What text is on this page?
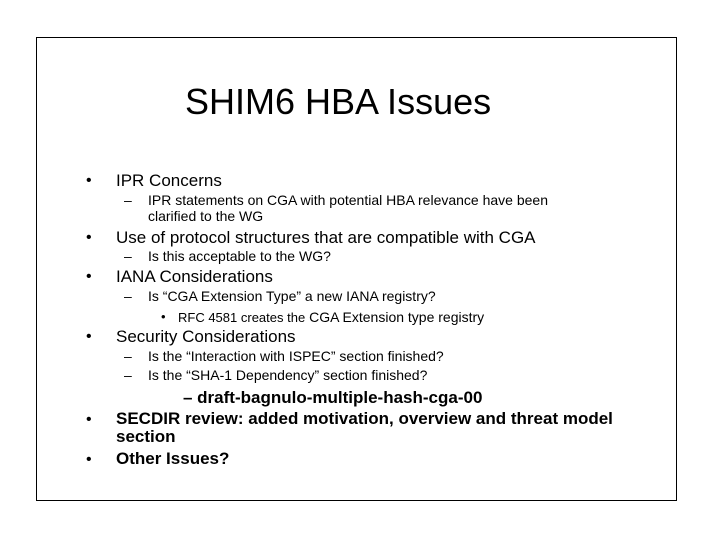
SHIM6 HBA Issues
• IPR Concerns
– IPR statements on CGA with potential HBA relevance have been
clarified to the WG
• Use of protocol structures that are compatible with CGA
– Is this acceptable to the WG?
• IANA Considerations
– Is “CGA Extension Type” a new IANA registry?
• RFC 4581 creates the CGA Extension type registry
• Security Considerations
– Is the “Interaction with ISPEC” section finished?
– Is the “SHA-1 Dependency” section finished?
– draft-bagnulo-multiple-hash-cga-00
• SECDIR review: added motivation, overview and threat model
section
• Other Issues?
